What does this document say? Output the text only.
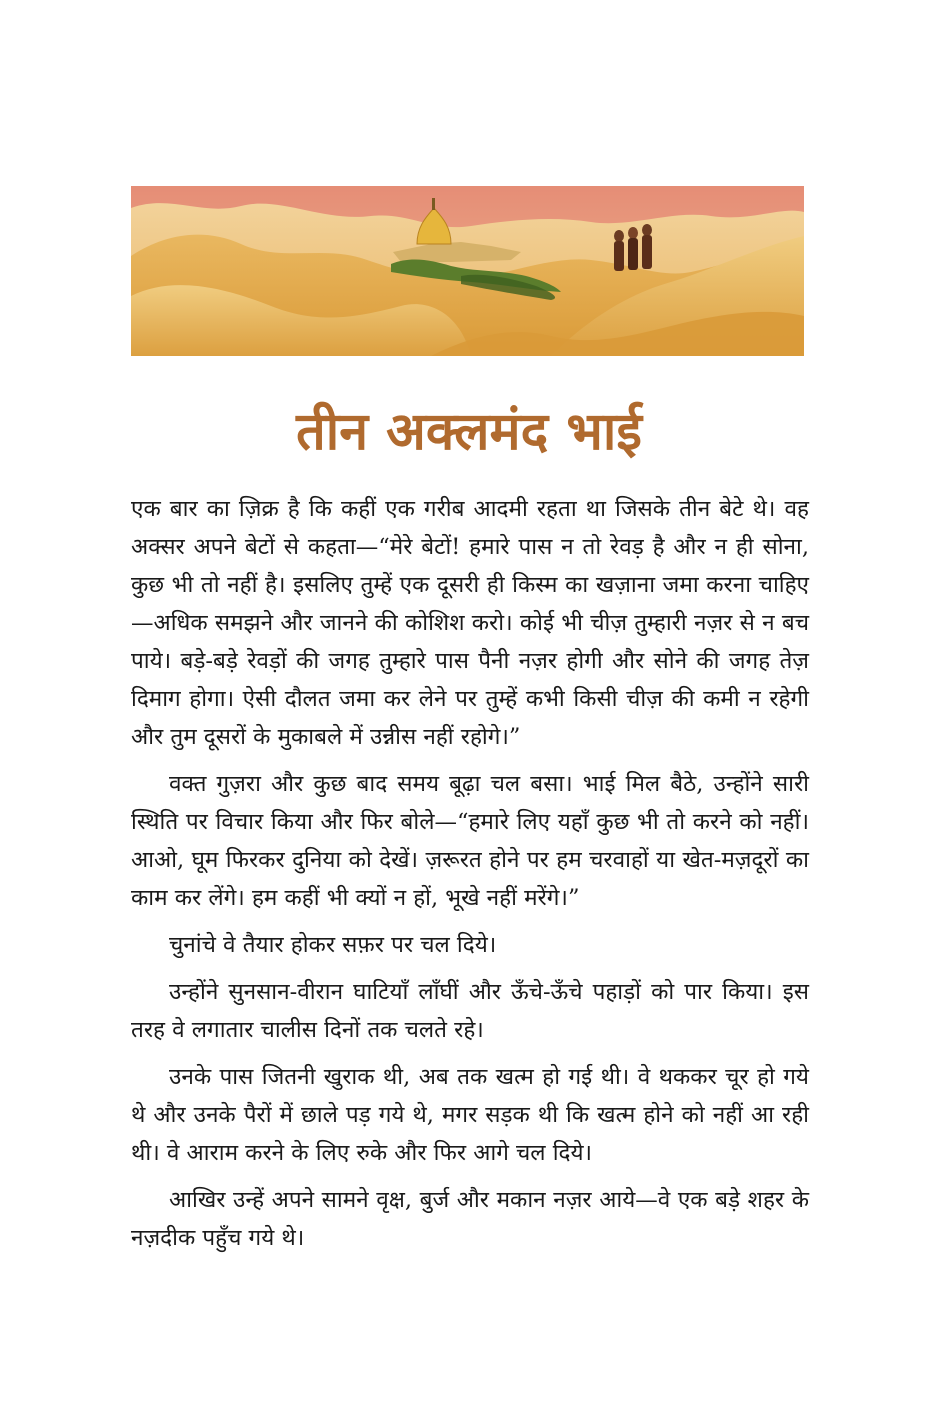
तीन अक्लमंद भाई

एक बार का ज़िक्र है कि कहीं एक गरीब आदमी रहता था जिसके तीन बेटे थे। वह अक्सर अपने बेटों से कहता—“मेरे बेटों! हमारे पास न तो रेवड़ है और न ही सोना, कुछ भी तो नहीं है। इसलिए तुम्हें एक दूसरी ही किस्म का खज़ाना जमा करना चाहिए—अधिक समझने और जानने की कोशिश करो। कोई भी चीज़ तुम्हारी नज़र से न बच पाये। बड़े-बड़े रेवड़ों की जगह तुम्हारे पास पैनी नज़र होगी और सोने की जगह तेज़ दिमाग होगा। ऐसी दौलत जमा कर लेने पर तुम्हें कभी किसी चीज़ की कमी न रहेगी और तुम दूसरों के मुकाबले में उन्नीस नहीं रहोगे।”

वक्त गुज़रा और कुछ बाद समय बूढ़ा चल बसा। भाई मिल बैठे, उन्होंने सारी स्थिति पर विचार किया और फिर बोले—“हमारे लिए यहाँ कुछ भी तो करने को नहीं। आओ, घूम फिरकर दुनिया को देखें। ज़रूरत होने पर हम चरवाहों या खेत-मज़दूरों का काम कर लेंगे। हम कहीं भी क्यों न हों, भूखे नहीं मरेंगे।”

चुनांचे वे तैयार होकर सफ़र पर चल दिये।

उन्होंने सुनसान-वीरान घाटियाँ लाँघीं और ऊँचे-ऊँचे पहाड़ों को पार किया। इस तरह वे लगातार चालीस दिनों तक चलते रहे।

उनके पास जितनी खुराक थी, अब तक खत्म हो गई थी। वे थककर चूर हो गये थे और उनके पैरों में छाले पड़ गये थे, मगर सड़क थी कि खत्म होने को नहीं आ रही थी। वे आराम करने के लिए रुके और फिर आगे चल दिये।

आखिर उन्हें अपने सामने वृक्ष, बुर्ज और मकान नज़र आये—वे एक बड़े शहर के नज़दीक पहुँच गये थे।
